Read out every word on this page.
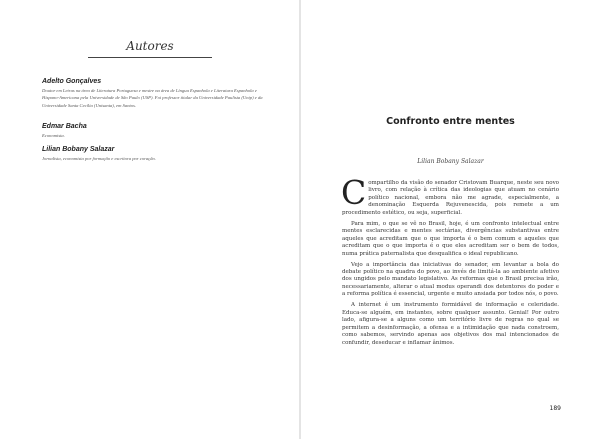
Autores
Adelto Gonçalves
Doutor em Letras na área de Literatura Portuguesa e mestre na área de Língua Espanhola e Literatura Espanhola e Hispano-Americana pela Universidade de São Paulo (USP). Foi professor titular da Universidade Paulista (Unip) e da Universidade Santa Cecília (Unisanta), em Santos.
Edmar Bacha
Economista.
Lilian Bobany Salazar
Jornalista, economista por formação e escritora por coração.
Confronto entre mentes
Lilian Bobany Salazar

Compartilho da visão do senador Cristovam Buarque, neste seu novo livro, com relação à crítica das ideologias que atuam no cenário político nacional, embora não me agrade, especialmente, a denominação Esquerda Rejuvenescida, pois remete a um procedimento estético, ou seja, superficial.

Para mim, o que se vê no Brasil, hoje, é um confronto intelectual entre mentes esclarecidas e mentes sectárias, divergências substantivas entre aqueles que acreditam que o que importa é o bem comum e aqueles que acreditam que o que importa é o que eles acreditam ser o bem de todos, numa prática paternalista que desqualifica o ideal republicano.

Vejo a importância das iniciativas do senador, em levantar a bola do debate político na quadra do povo, ao invés de limitá-la ao ambiente afetivo dos ungidos pelo mandato legislativo. As reformas que o Brasil precisa irão, necessariamente, alterar o atual modus operandi dos detentores do poder e a reforma política é essencial, urgente e muito ansiada por todos nós, o povo.

A internet é um instrumento formidável de informação e celeridade. Educa-se alguém, em instantes, sobre qualquer assunto. Genial! Por outro lado, afigura-se a alguns como um território livre de regras no qual se permitem a desinformação, a ofensa e a intimidação que nada constroem, como sabemos, servindo apenas aos objetivos dos mal intencionados de confundir, deseducar e inflamar ânimos.

189
